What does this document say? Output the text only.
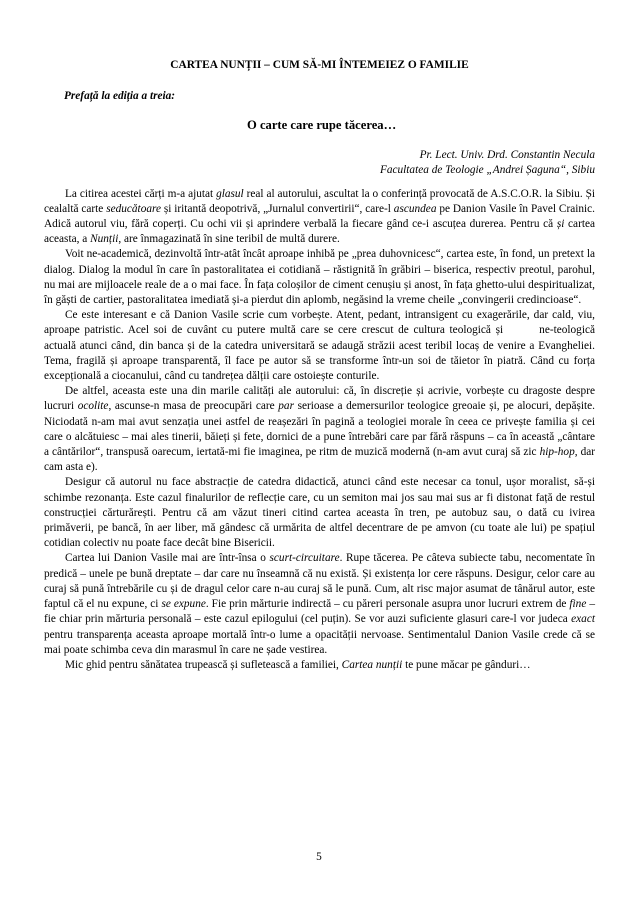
CARTEA NUNȚII – CUM SĂ-MI ÎNTEMEIEZ O FAMILIE
Prefață la ediția a treia:
O carte care rupe tăcerea…
Pr. Lect. Univ. Drd. Constantin Necula
Facultatea de Teologie „Andrei Șaguna“, Sibiu

La citirea acestei cărți m-a ajutat glasul real al autorului, ascultat la o conferință provocată de A.S.C.O.R. la Sibiu. Și cealaltă carte seducătoare și iritantă deopotrivă, „Jurnalul convertirii“, care-l ascundea pe Danion Vasile în Pavel Crainic. Adică autorul viu, fără coperți. Cu ochi vii și aprindere verbală la fiecare gând ce-i ascuțea durerea. Pentru că și cartea aceasta, a Nunții, are înmagazinată în sine teribil de multă durere.

Voit ne-academică, dezinvoltă într-atât încât aproape inhibă pe „prea duhovnicesc“, cartea este, în fond, un pretext la dialog. Dialog la modul în care în pastoralitatea ei cotidiană – răstignită în grăbiri – biserica, respectiv preotul, parohul, nu mai are mijloacele reale de a o mai face. În fața coloșilor de ciment cenușiu și anost, în fața ghetto-ului despiritualizat, în găști de cartier, pastoralitatea imediată și-a pierdut din aplomb, negăsind la vreme cheile „convingerii credincioase“.

Ce este interesant e că Danion Vasile scrie cum vorbește. Atent, pedant, intransigent cu exagerările, dar cald, viu, aproape patristic. Acel soi de cuvânt cu putere multă care se cere crescut de cultura teologică și	ne-teologică actuală atunci când, din banca și de la catedra universitară se adaugă străzii acest teribil locaș de venire a Evangheliei. Tema, fragilă și aproape transparentă, îl face pe autor să se transforme într-un soi de tăietor în piatră. Când cu forța excepțională a ciocanului, când cu tandrețea dălții care ostoiește conturile.

De altfel, aceasta este una din marile calități ale autorului: că, în discreție și acrivie, vorbește cu dragoste despre lucruri ocolite, ascunse-n masa de preocupări care par serioase a demersurilor teologice greoaie și, pe alocuri, depășite. Niciodată n-am mai avut senzația unei astfel de reașezări în pagină a teologiei morale în ceea ce privește familia și cei care o alcătuiesc – mai ales tinerii, băieți și fete, dornici de a pune întrebări care par fără răspuns – ca în această „cântare a cântărilor“, transpusă oarecum, iertată-mi fie imaginea, pe ritm de muzică modernă (n-am avut curaj să zic hip-hop, dar cam asta e).

Desigur că autorul nu face abstracție de catedra didactică, atunci când este necesar ca tonul, ușor moralist, să-și schimbe rezonanța. Este cazul finalurilor de reflecție care, cu un semiton mai jos sau mai sus ar fi distonat față de restul construcției cărturărești. Pentru că am văzut tineri citind cartea aceasta în tren, pe autobuz sau, o dată cu ivirea primăverii, pe bancă, în aer liber, mă gândesc că urmărita de altfel decentrare de pe amvon (cu toate ale lui) pe spațiul cotidian colectiv nu poate face decât bine Bisericii.

Cartea lui Danion Vasile mai are într-însa o scurt-circuitare. Rupe tăcerea. Pe câteva subiecte tabu, necomentate în predică – unele pe bună dreptate – dar care nu înseamnă că nu există. Și existența lor cere răspuns. Desigur, celor care au curaj să pună întrebările cu și de dragul celor care n-au curaj să le pună. Cum, alt risc major asumat de tânărul autor, este faptul că el nu expune, ci se expune. Fie prin mărturie indirectă – cu păreri personale asupra unor lucruri extrem de fine – fie chiar prin mărturia personală – este cazul epilogului (cel puțin). Se vor auzi suficiente glasuri care-l vor judeca exact pentru transparența aceasta aproape mortală într-o lume a opacității nervoase. Sentimentalul Danion Vasile crede că se mai poate schimba ceva din marasmul în care ne șade vestirea.

Mic ghid pentru sănătatea trupească și sufletească a familiei, Cartea nunții te pune măcar pe gânduri…

5
